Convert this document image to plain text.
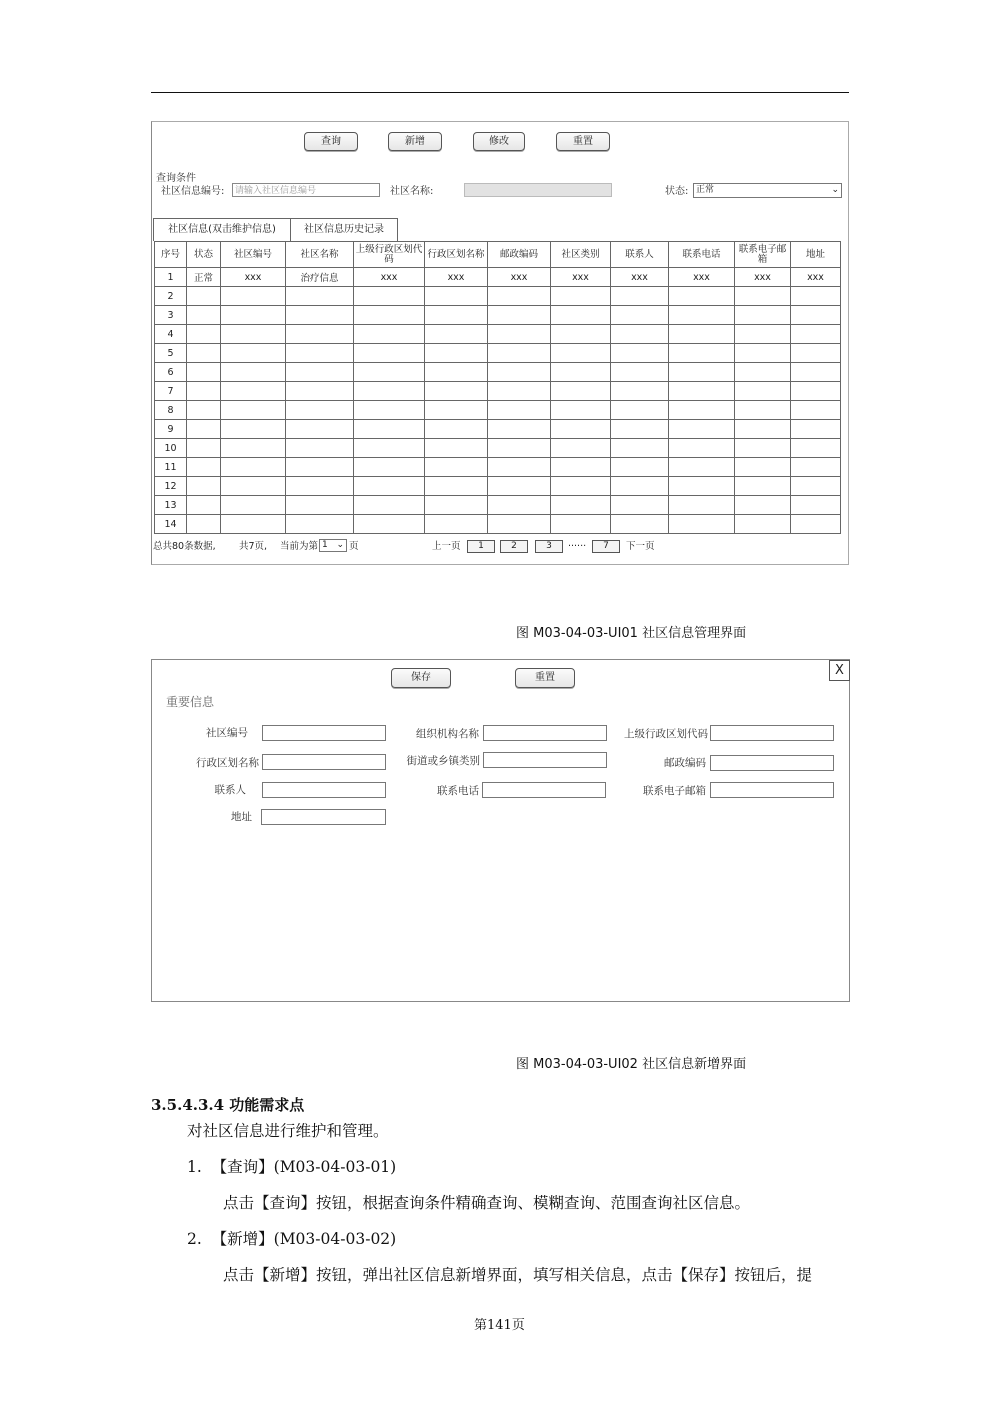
查询	新增	修改	重置
查询条件
社区信息编号:	请输入社区信息编号	社区名称:	状态: 正常	⌄
社区信息(双击维护信息)	社区信息历史记录
序号	状态	社区编号	社区名称	上级行政区划代码	行政区划名称	邮政编码	社区类别	联系人	联系电话	联系电子邮箱	地址
1	正常	xxx	治疗信息	xxx	xxx	xxx	xxx	xxx	xxx	xxx	xxx
2											
3											
4											
5											
6											
7											
8											
9											
10											
11											
12											
13											
14											
总共80条数据, 共7页, 当前为第 1 ⌄ 页	上一页	1	2	3	......	7	下一页
图 M03-04-03-UI01 社区信息管理界面
X
保存	重置
重要信息
社区编号	组织机构名称	上级行政区划代码
行政区划名称	街道或乡镇类别	邮政编码
联系人	联系电话	联系电子邮箱
地址
图 M03-04-03-UI02 社区信息新增界面
3.5.4.3.4 功能需求点
对社区信息进行维护和管理。
1.  【查询】(M03-04-03-01)
点击【查询】按钮，根据查询条件精确查询、模糊查询、范围查询社区信息。
2.  【新增】(M03-04-03-02)
点击【新增】按钮，弹出社区信息新增界面，填写相关信息，点击【保存】按钮后，提
第141页
